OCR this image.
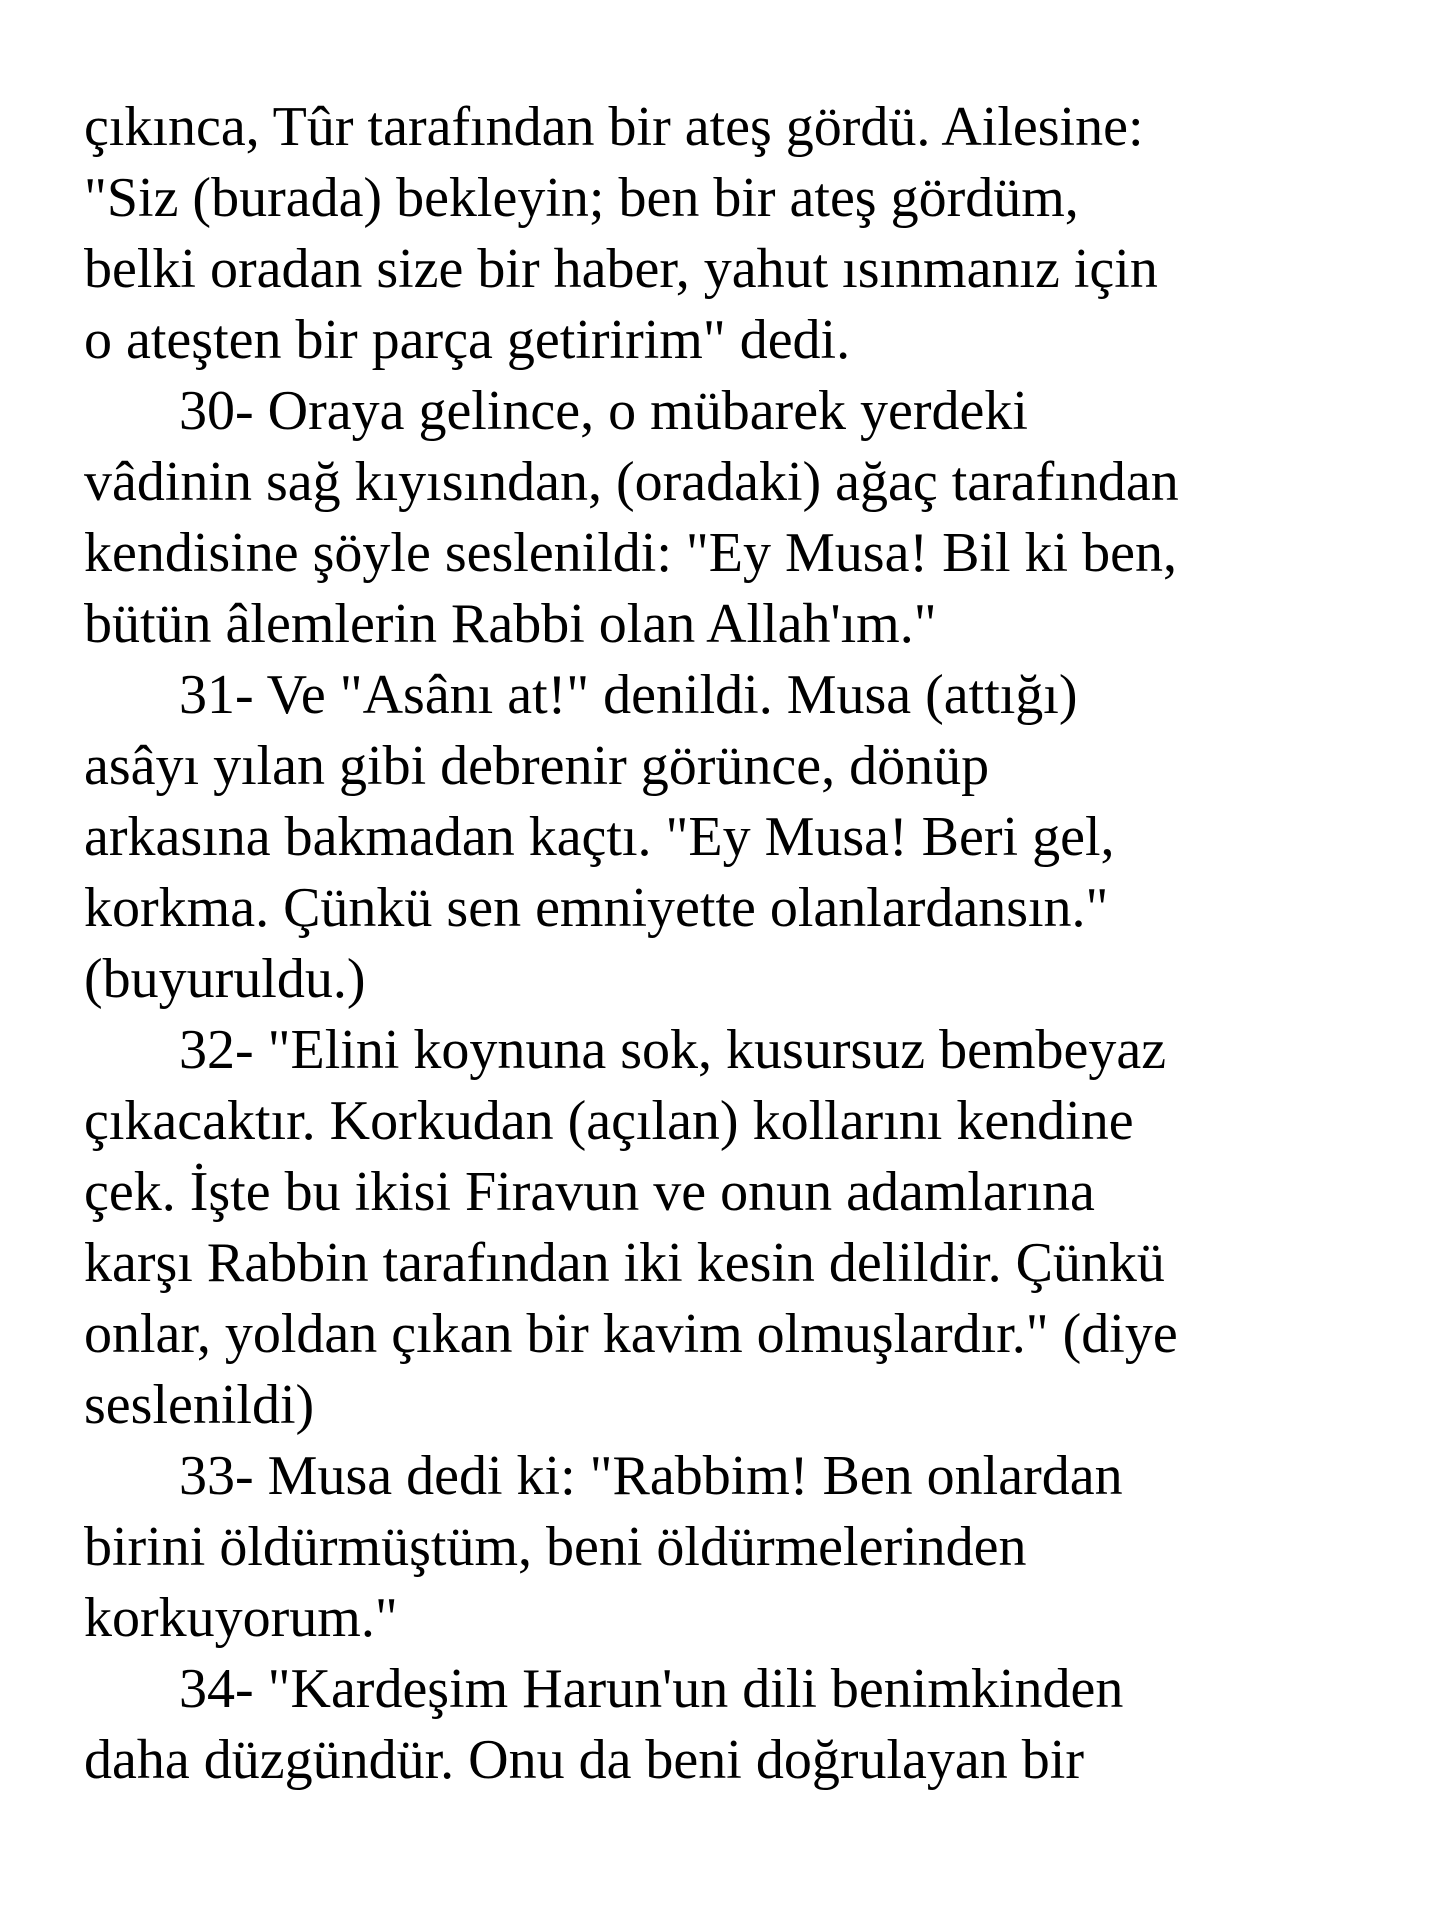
çıkınca, Tûr tarafından bir ateş gördü. Ailesine:
"Siz (burada) bekleyin; ben bir ateş gördüm,
belki oradan size bir haber, yahut ısınmanız için
o ateşten bir parça getiririm" dedi.

30- Oraya gelince, o mübarek yerdeki
vâdinin sağ kıyısından, (oradaki) ağaç tarafından
kendisine şöyle seslenildi: "Ey Musa! Bil ki ben,
bütün âlemlerin Rabbi olan Allah'ım."

31- Ve "Asânı at!" denildi. Musa (attığı)
asâyı yılan gibi debrenir görünce, dönüp
arkasına bakmadan kaçtı. "Ey Musa! Beri gel,
korkma. Çünkü sen emniyette olanlardansın."
(buyuruldu.)

32- "Elini koynuna sok, kusursuz bembeyaz
çıkacaktır. Korkudan (açılan) kollarını kendine
çek. İşte bu ikisi Firavun ve onun adamlarına
karşı Rabbin tarafından iki kesin delildir. Çünkü
onlar, yoldan çıkan bir kavim olmuşlardır." (diye
seslenildi)

33- Musa dedi ki: "Rabbim! Ben onlardan
birini öldürmüştüm, beni öldürmelerinden
korkuyorum."

34- "Kardeşim Harun'un dili benimkinden
daha düzgündür. Onu da beni doğrulayan bir
